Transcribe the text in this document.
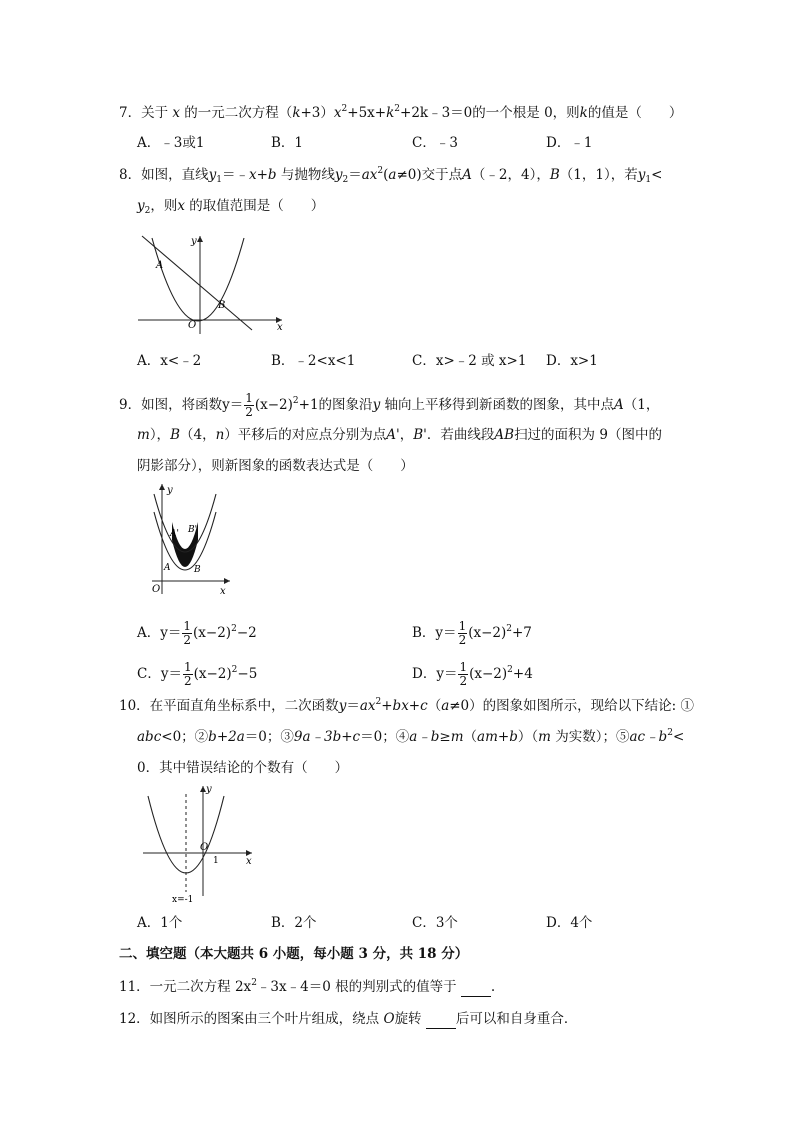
7．关于 x 的一元二次方程$(k+3)x^2+5x+k^2+2k﹣3=0$的一个根是 0，则k的值是（　　）
A．﹣3或1	B．1	C．﹣3	D．﹣1
8．如图，直线$y_1=﹣x+b$ 与抛物线$y_2=ax^2(a\ne 0)$交于点A（﹣2，4），B（1，1），若$y_1<$
$y_2$，则x 的取值范围是（　　）
y
x
A
B
O
A．x<﹣2	B．﹣2<x<1	C．x>﹣2 或 x>1 D．x>1
9．如图，将函数$y= \frac{1}{2} (x-2)^2+1$的图象沿y 轴向上平移得到新函数的图象，其中点A（1，
m），B（4，n）平移后的对应点分别为点A'，B'．若曲线段AB扫过的面积为 9（图中的
阴影部分），则新图象的函数表达式是（　　）
y
x
O
A	B
A' B'
A．$y= \frac{1}{2} (x-2)^2-2$	B．$y= \frac{1}{2} (x-2)^2+7$
C．$y= \frac{1}{2} (x-2)^2-5$	D．$y= \frac{1}{2} (x-2)^2+4$
10．在平面直角坐标系中，二次函数$y=ax^2+bx+c(a\ne 0)$的图象如图所示，现给以下结论: ①
abc<0；②b+2a＝0；③9a﹣3b+c＝0；④a﹣b≥m（am+b）（m 为实数）；$⑤ac﹣b^2<$
0．其中错误结论的个数有（　　）
y
x
O
1
x=-1
A．1个	B．2个	C．3个	D．4个
二、填空题（本大题共 6 小题，每小题 3 分，共 18 分）
11．一元二次方程 $2x^2﹣3x﹣4=0$ 根的判别式的值等于  .
12．如图所示的图案由三个叶片组成，绕点 O旋转  后可以和自身重合．
